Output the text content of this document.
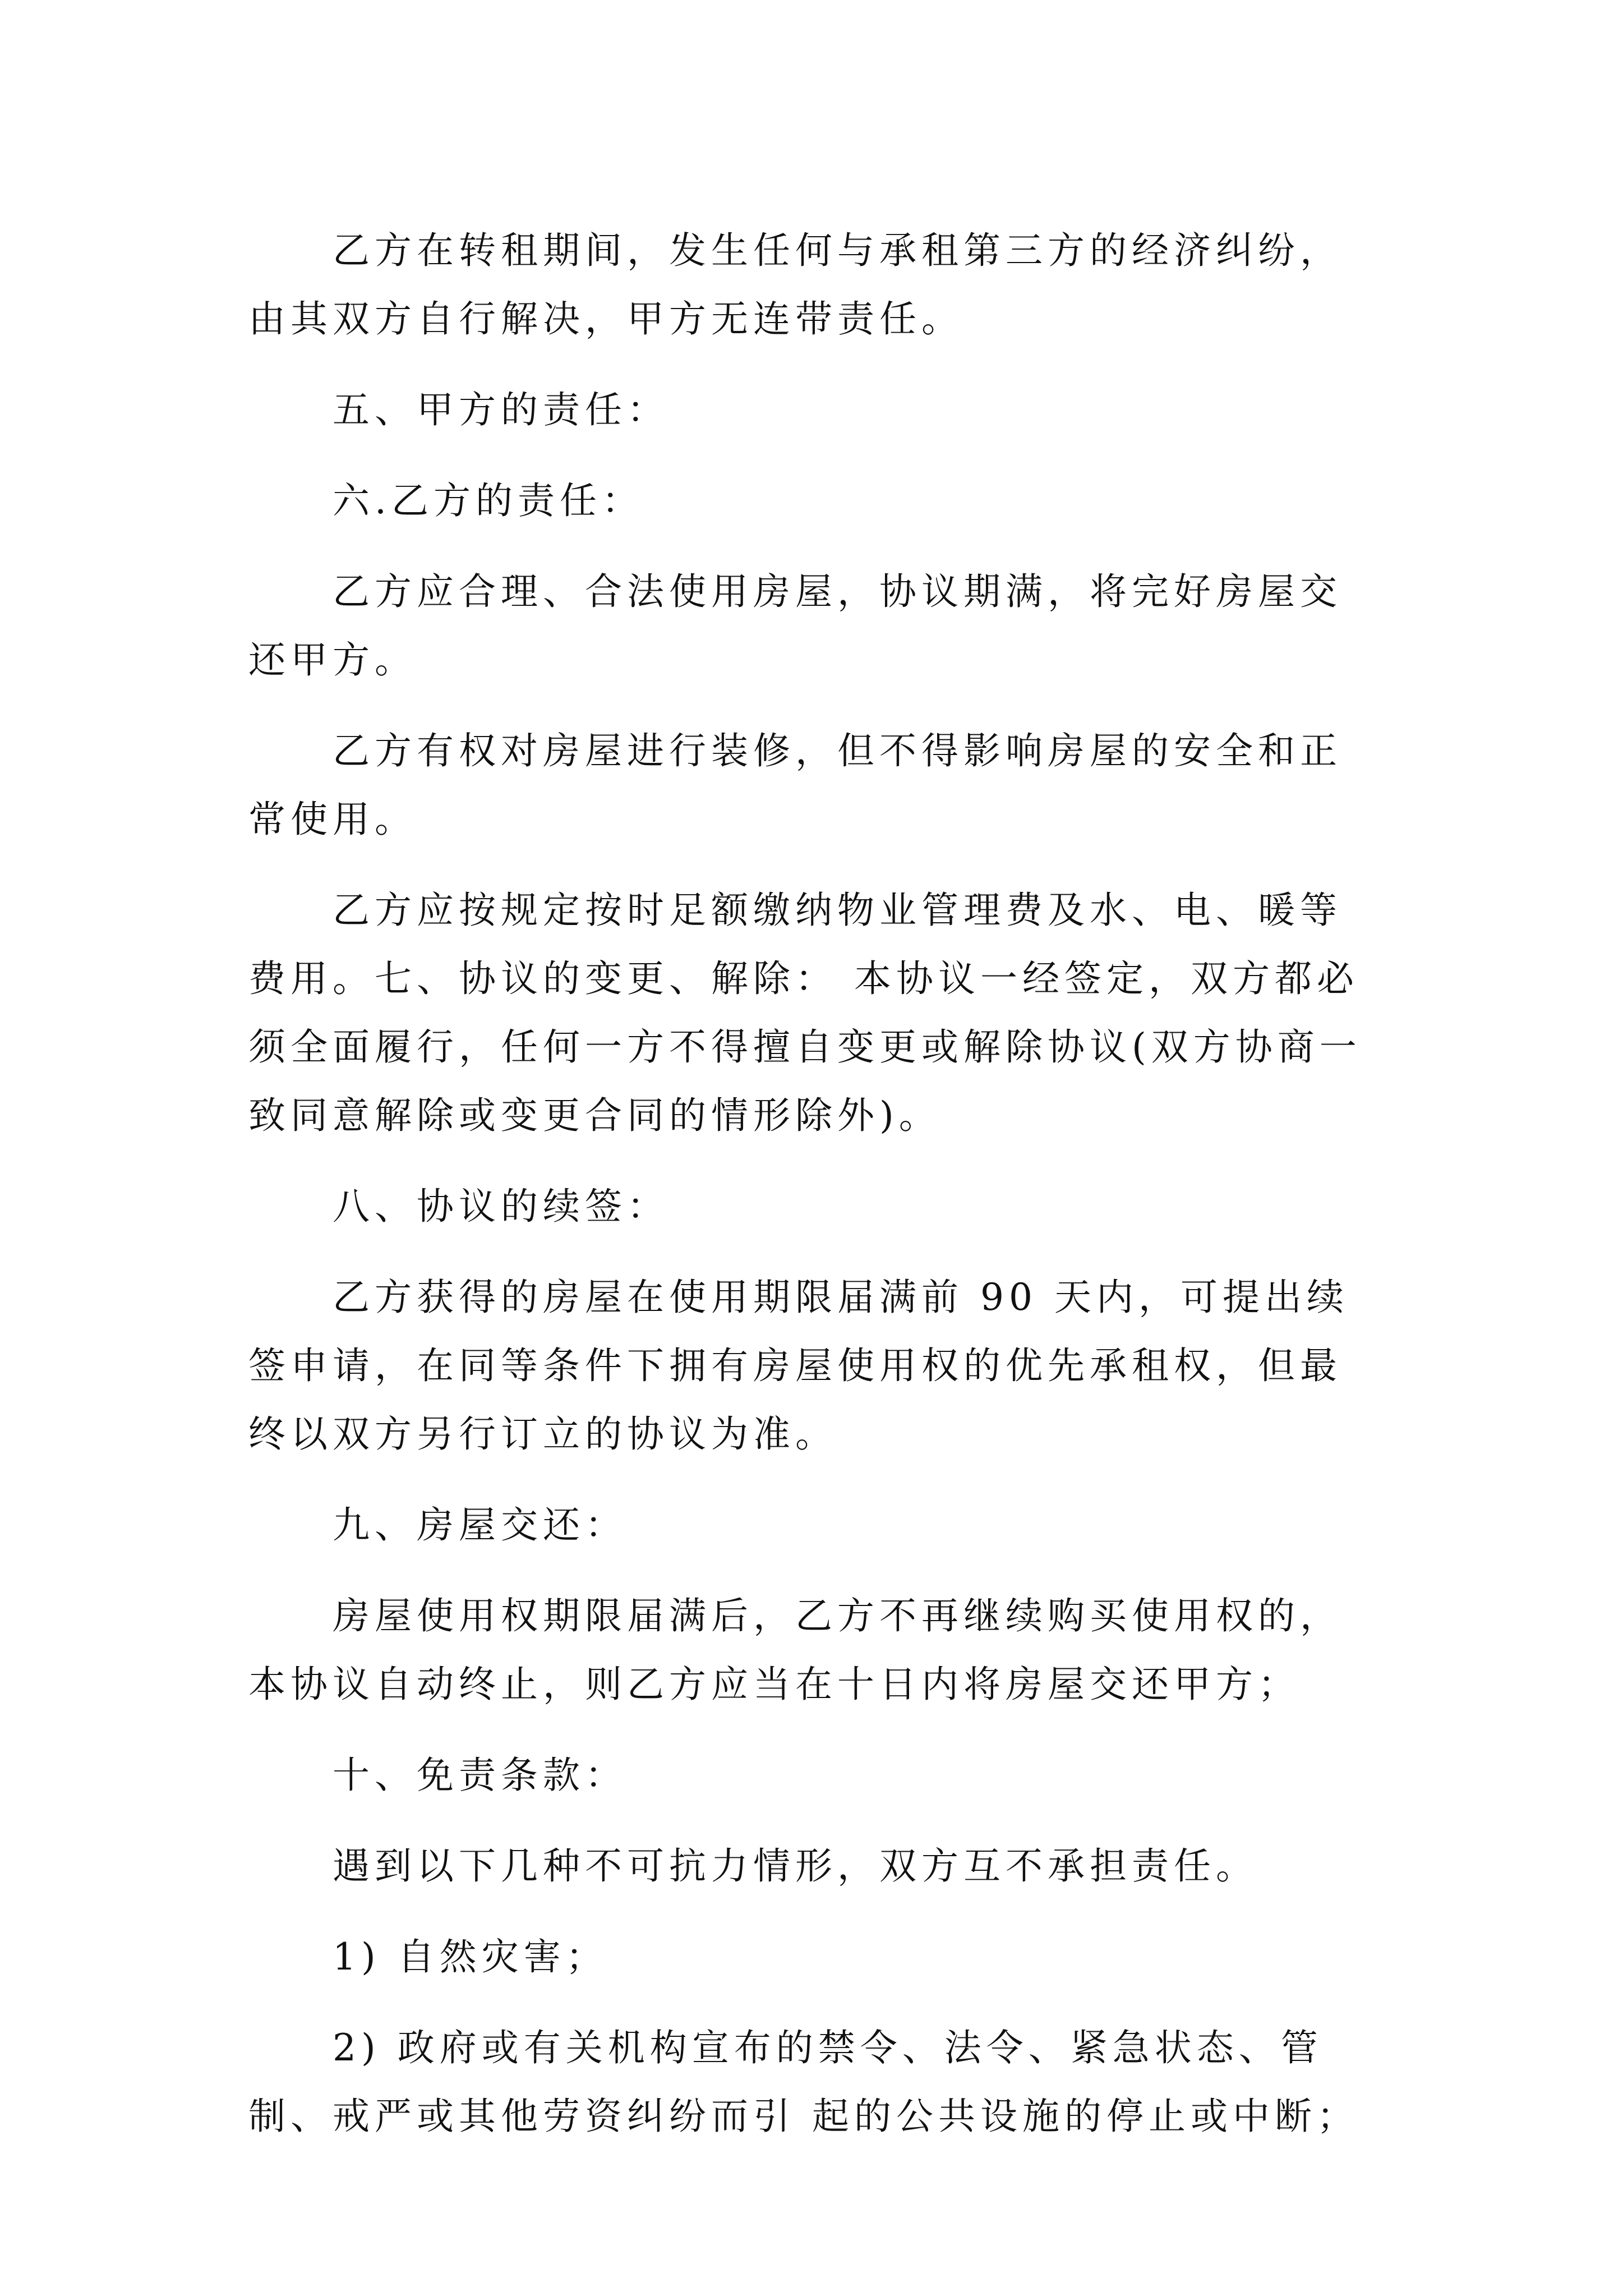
乙方在转租期间，发生任何与承租第三方的经济纠纷，由其双方自行解决，甲方无连带责任。

五、甲方的责任：

六.乙方的责任：

乙方应合理、合法使用房屋，协议期满，将完好房屋交还甲方。

乙方有权对房屋进行装修，但不得影响房屋的安全和正常使用。

乙方应按规定按时足额缴纳物业管理费及水、电、暖等费用。七、协议的变更、解除： 本协议一经签定，双方都必须全面履行，任何一方不得擅自变更或解除协议(双方协商一致同意解除或变更合同的情形除外)。

八、协议的续签：

乙方获得的房屋在使用期限届满前 90 天内，可提出续签申请，在同等条件下拥有房屋使用权的优先承租权，但最终以双方另行订立的协议为准。

九、房屋交还：

房屋使用权期限届满后，乙方不再继续购买使用权的，本协议自动终止，则乙方应当在十日内将房屋交还甲方；

十、免责条款：

遇到以下几种不可抗力情形，双方互不承担责任。

1) 自然灾害；

2) 政府或有关机构宣布的禁令、法令、紧急状态、管制、戒严或其他劳资纠纷而引 起的公共设施的停止或中断；
